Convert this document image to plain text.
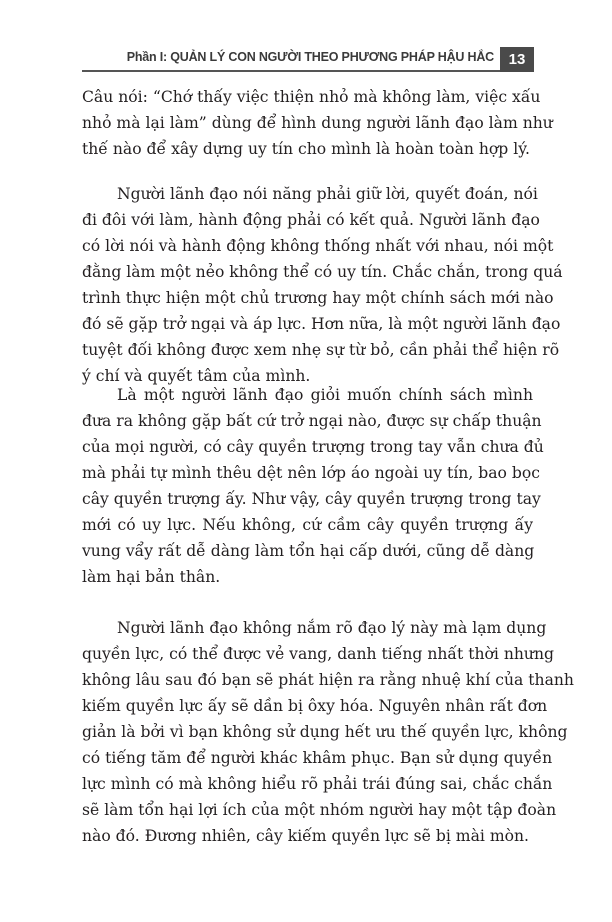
Phần I: QUẢN LÝ CON NGƯỜI THEO PHƯƠNG PHÁP HẬU HẮC 13
Câu nói: “Chớ thấy việc thiện nhỏ mà không làm, việc xấu
nhỏ mà lại làm” dùng để hình dung người lãnh đạo làm như
thế nào để xây dựng uy tín cho mình là hoàn toàn hợp lý.
Người lãnh đạo nói năng phải giữ lời, quyết đoán, nói
đi đôi với làm, hành động phải có kết quả. Người lãnh đạo
có lời nói và hành động không thống nhất với nhau, nói một
đằng làm một nẻo không thể có uy tín. Chắc chắn, trong quá
trình thực hiện một chủ trương hay một chính sách mới nào
đó sẽ gặp trở ngại và áp lực. Hơn nữa, là một người lãnh đạo
tuyệt đối không được xem nhẹ sự từ bỏ, cần phải thể hiện rõ
ý chí và quyết tâm của mình.
Là một người lãnh đạo giỏi muốn chính sách mình
đưa ra không gặp bất cứ trở ngại nào, được sự chấp thuận
của mọi người, có cây quyền trượng trong tay vẫn chưa đủ
mà phải tự mình thêu dệt nên lớp áo ngoài uy tín, bao bọc
cây quyền trượng ấy. Như vậy, cây quyền trượng trong tay
mới có uy lực. Nếu không, cứ cầm cây quyền trượng ấy
vung vẩy rất dễ dàng làm tổn hại cấp dưới, cũng dễ dàng
làm hại bản thân.
Người lãnh đạo không nắm rõ đạo lý này mà lạm dụng
quyền lực, có thể được vẻ vang, danh tiếng nhất thời nhưng
không lâu sau đó bạn sẽ phát hiện ra rằng nhuệ khí của thanh
kiếm quyền lực ấy sẽ dần bị ôxy hóa. Nguyên nhân rất đơn
giản là bởi vì bạn không sử dụng hết ưu thế quyền lực, không
có tiếng tăm để người khác khâm phục. Bạn sử dụng quyền
lực mình có mà không hiểu rõ phải trái đúng sai, chắc chắn
sẽ làm tổn hại lợi ích của một nhóm người hay một tập đoàn
nào đó. Đương nhiên, cây kiếm quyền lực sẽ bị mài mòn.
